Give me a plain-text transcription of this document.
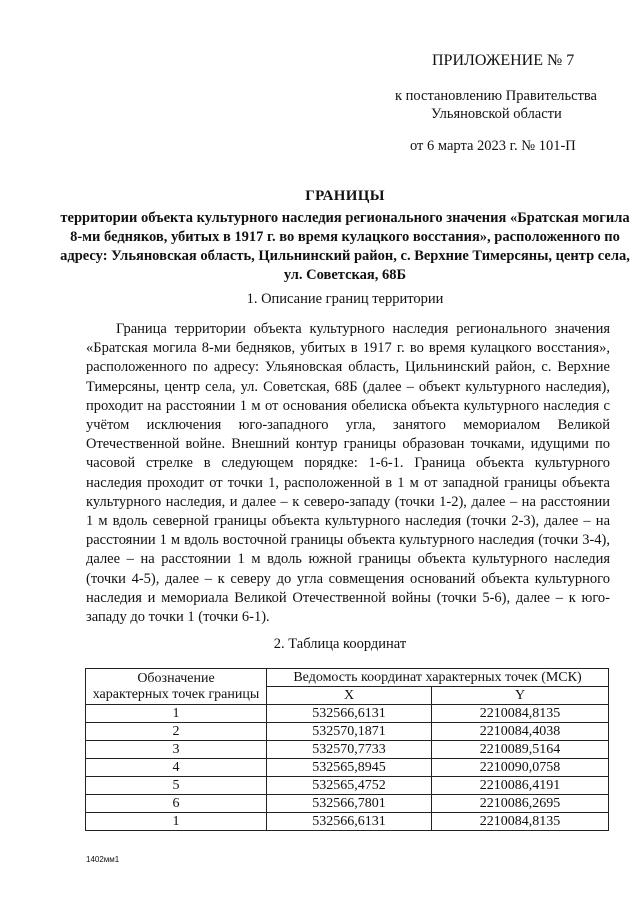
ПРИЛОЖЕНИЕ № 7
к постановлению Правительства
Ульяновской области
от 6 марта 2023 г. № 101-П
ГРАНИЦЫ
территории объекта культурного наследия регионального значения «Братская могила 8-ми бедняков, убитых в 1917 г. во время кулацкого восстания», расположенного по адресу: Ульяновская область, Цильнинский район, с. Верхние Тимерсяны, центр села, ул. Советская, 68Б
1. Описание границ территории
Граница территории объекта культурного наследия регионального значения «Братская могила 8-ми бедняков, убитых в 1917 г. во время кулацкого восстания», расположенного по адресу: Ульяновская область, Цильнинский район, с. Верхние Тимерсяны, центр села, ул. Советская, 68Б (далее – объект культурного наследия), проходит на расстоянии 1 м от основания обелиска объекта культурного наследия с учётом исключения юго-западного угла, занятого мемориалом Великой Отечественной войне. Внешний контур границы образован точками, идущими по часовой стрелке в следующем порядке: 1-6-1. Граница объекта культурного наследия проходит от точки 1, расположенной в 1 м от западной границы объекта культурного наследия, и далее – к северо-западу (точки 1-2), далее – на расстоянии 1 м вдоль северной границы объекта культурного наследия (точки 2-3), далее – на расстоянии 1 м вдоль восточной границы объекта культурного наследия (точки 3-4), далее – на расстоянии 1 м вдоль южной границы объекта культурного наследия (точки 4-5), далее – к северу до угла совмещения оснований объекта культурного наследия и мемориала Великой Отечественной войны (точки 5-6), далее – к юго-западу до точки 1 (точки 6-1).
2. Таблица координат
Обозначение
характерных точек границы	Ведомость координат характерных точек (МСК)	
	X	Y
1	532566,6131	2210084,8135
2	532570,1871	2210084,4038
3	532570,7733	2210089,5164
4	532565,8945	2210090,0758
5	532565,4752	2210086,4191
6	532566,7801	2210086,2695
1	532566,6131	2210084,8135
1402мм1
